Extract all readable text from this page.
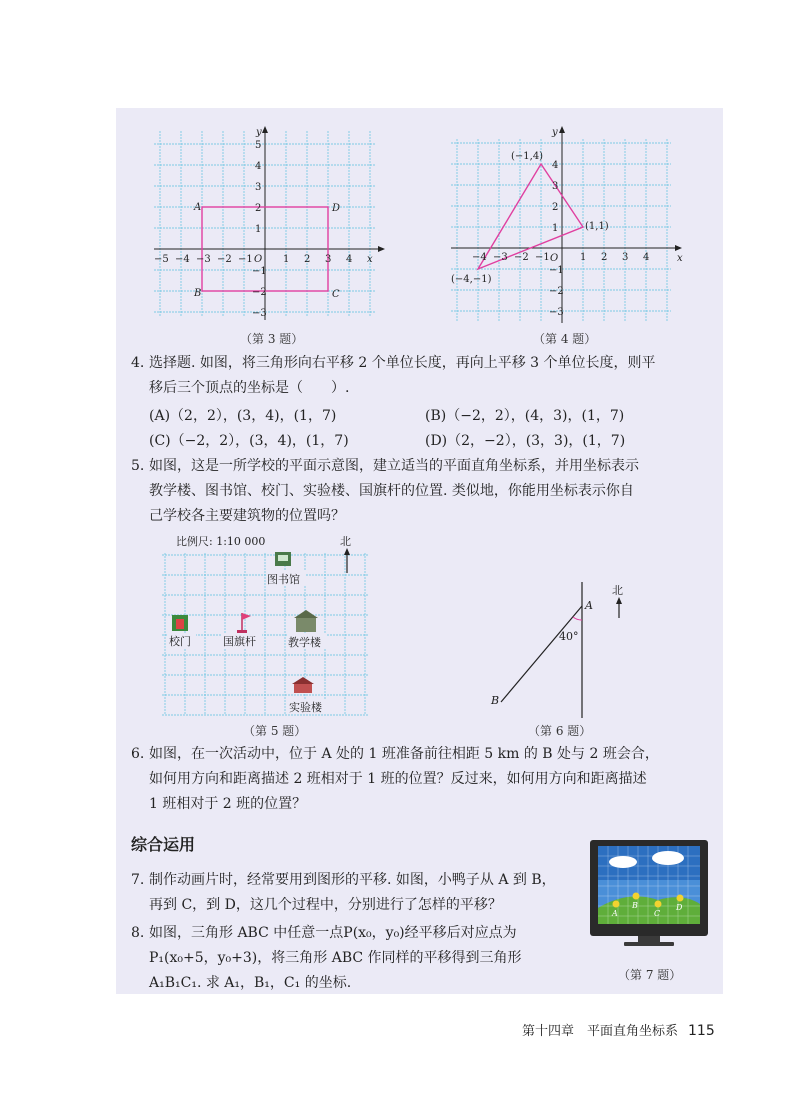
x
y
O
A	D
B	C
−5 −4 −3 −2 −1	1 2 3 4
5
4
3
2
1
−1
−2
−3
（第 3 题）
x
y
O
(−1,4)
(1,1)
(−4,−1)
−4 −3 −2 −1	1 2 3 4
4
3
2
1
−1
−2
−3
（第 4 题）
4. 选择题. 如图，将三角形向右平移 2 个单位长度，再向上平移 3 个单位长度，则平
移后三个顶点的坐标是（　　）.
(A)（2，2），(3，4)，(1，7)	(B)（−2，2），(4，3)，(1，7)
(C)（−2，2），(3，4)，(1，7)	(D)（2，−2），(3，3)，(1，7)
5. 如图，这是一所学校的平面示意图，建立适当的平面直角坐标系，并用坐标表示
教学楼、图书馆、校门、实验楼、国旗杆的位置. 类似地，你能用坐标表示你自
己学校各主要建筑物的位置吗？
比例尺: 1:10 000	北
图书馆
校门	国旗杆	教学楼
实验楼
（第 5 题）
A
B
40°
北
（第 6 题）
6. 如图，在一次活动中，位于 A 处的 1 班准备前往相距 5 km 的 B 处与 2 班会合，
如何用方向和距离描述 2 班相对于 1 班的位置？反过来，如何用方向和距离描述
1 班相对于 2 班的位置？
综合运用
7. 制作动画片时，经常要用到图形的平移. 如图，小鸭子从 A 到 B，
再到 C，到 D，这几个过程中，分别进行了怎样的平移？
8. 如图，三角形 ABC 中任意一点P(x₀，y₀)经平移后对应点为
P₁(x₀+5，y₀+3)，将三角形 ABC 作同样的平移得到三角形
A₁B₁C₁. 求 A₁，B₁，C₁ 的坐标.
A
B
C
D
（第 7 题）
第十四章　平面直角坐标系 115
